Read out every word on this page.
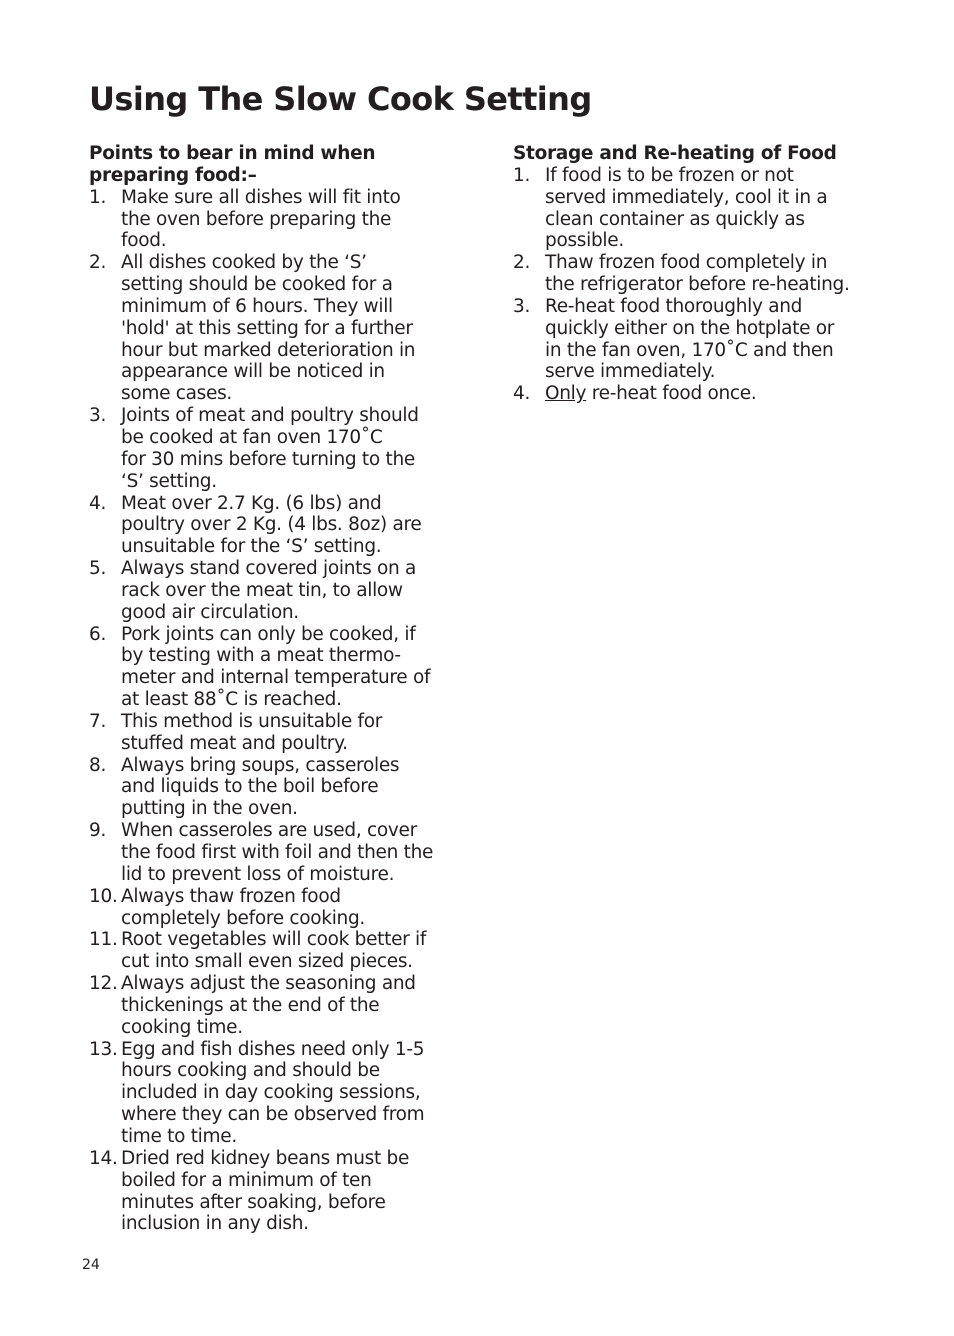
Using The Slow Cook Setting

Points to bear in mind when
preparing food:–

1. Make sure all dishes will fit into
the oven before preparing the
food.
2. All dishes cooked by the ‘S’
setting should be cooked for a
minimum of 6 hours. They will
'hold' at this setting for a further
hour but marked deterioration in
appearance will be noticed in
some cases.
3. Joints of meat and poultry should
be cooked at fan oven 170˚C
for 30 mins before turning to the
‘S’ setting.
4. Meat over 2.7 Kg. (6 lbs) and
poultry over 2 Kg. (4 lbs. 8oz) are
unsuitable for the ‘S’ setting.
5. Always stand covered joints on a
rack over the meat tin, to allow
good air circulation.
6. Pork joints can only be cooked, if
by testing with a meat thermo-
meter and internal temperature of
at least 88˚C is reached.
7. This method is unsuitable for
stuffed meat and poultry.
8. Always bring soups, casseroles
and liquids to the boil before
putting in the oven.
9. When casseroles are used, cover
the food first with foil and then the
lid to prevent loss of moisture.
10. Always thaw frozen food
completely before cooking.
11. Root vegetables will cook better if
cut into small even sized pieces.
12. Always adjust the seasoning and
thickenings at the end of the
cooking time.
13. Egg and fish dishes need only 1-5
hours cooking and should be
included in day cooking sessions,
where they can be observed from
time to time.
14. Dried red kidney beans must be
boiled for a minimum of ten
minutes after soaking, before
inclusion in any dish.

Storage and Re-heating of Food

1. If food is to be frozen or not
served immediately, cool it in a
clean container as quickly as
possible.
2. Thaw frozen food completely in
the refrigerator before re-heating.
3. Re-heat food thoroughly and
quickly either on the hotplate or
in the fan oven, 170˚C and then
serve immediately.
4. Only re-heat food once.
24
